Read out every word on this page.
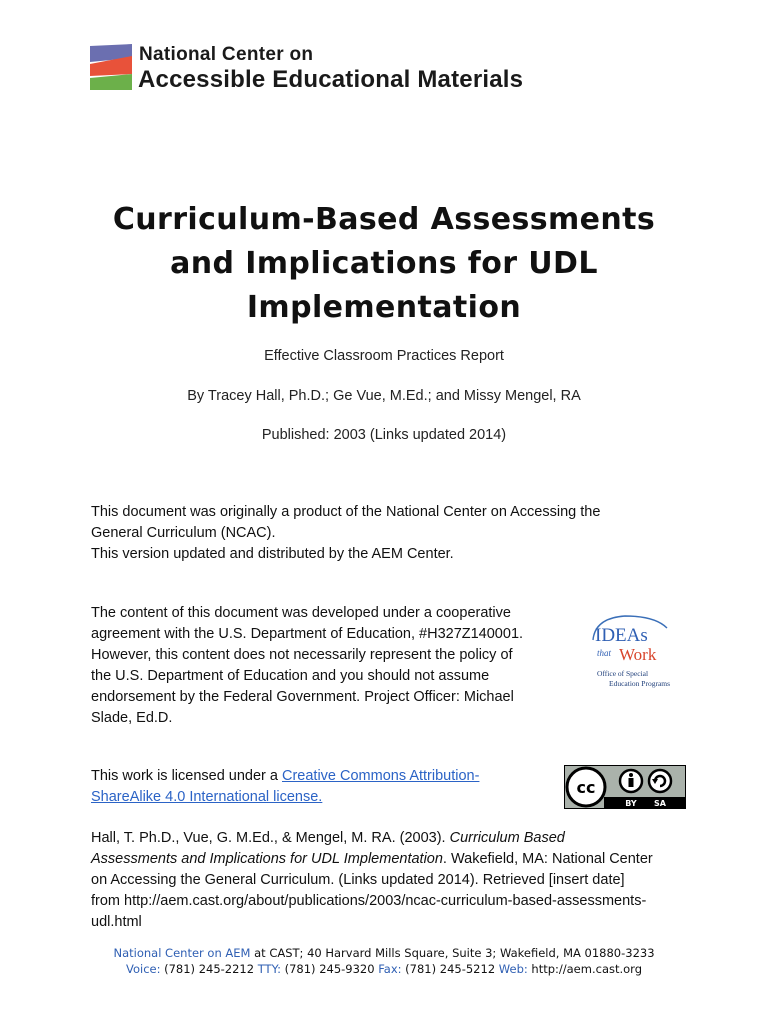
National Center on
Accessible Educational Materials
Curriculum-Based Assessments
and Implications for UDL
Implementation
Effective Classroom Practices Report
By Tracey Hall, Ph.D.; Ge Vue, M.Ed.; and Missy Mengel, RA
Published: 2003 (Links updated 2014)
This document was originally a product of the National Center on Accessing the
General Curriculum (NCAC).
This version updated and distributed by the AEM Center.
The content of this document was developed under a cooperative
agreement with the U.S. Department of Education, #H327Z140001.
However, this content does not necessarily represent the policy of
the U.S. Department of Education and you should not assume
endorsement by the Federal Government. Project Officer: Michael
Slade, Ed.D.
IDEAs
that Work
Office of Special
Education Programs
This work is licensed under a Creative Commons Attribution-
ShareAlike 4.0 International license.	cc
BY SA
Hall, T. Ph.D., Vue, G. M.Ed., & Mengel, M. RA. (2003). Curriculum Based
Assessments and Implications for UDL Implementation. Wakefield, MA: National Center
on Accessing the General Curriculum. (Links updated 2014). Retrieved [insert date]
from http://aem.cast.org/about/publications/2003/ncac-curriculum-based-assessments-
udl.html
National Center on AEM at CAST; 40 Harvard Mills Square, Suite 3; Wakefield, MA 01880-3233
Voice: (781) 245-2212 TTY: (781) 245-9320 Fax: (781) 245-5212 Web: http://aem.cast.org
